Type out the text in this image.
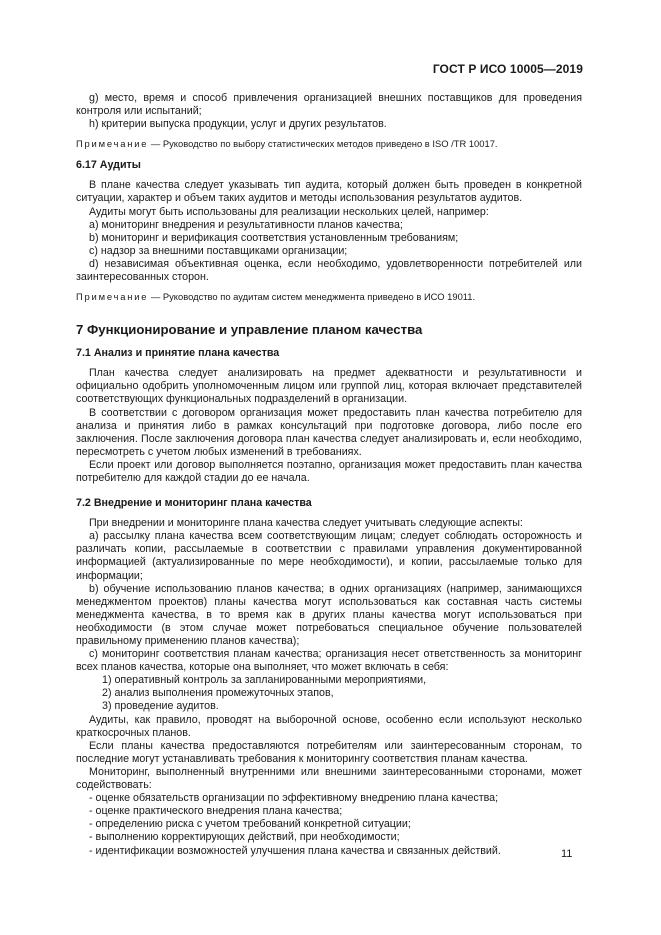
ГОСТ Р ИСО 10005—2019

g) место, время и способ привлечения организацией внешних поставщиков для проведения контроля или испытаний;

h) критерии выпуска продукции, услуг и других результатов.

Примечание — Руководство по выбору статистических методов приведено в ISO /TR 10017.

6.17 Аудиты

В плане качества следует указывать тип аудита, который должен быть проведен в конкретной ситуации, характер и объем таких аудитов и методы использования результатов аудитов.

Аудиты могут быть использованы для реализации нескольких целей, например:

a) мониторинг внедрения и результативности планов качества;

b) мониторинг и верификация соответствия установленным требованиям;

c) надзор за внешними поставщиками организации;

d) независимая объективная оценка, если необходимо, удовлетворенности потребителей или заинтересованных сторон.

Примечание — Руководство по аудитам систем менеджмента приведено в ИСО 19011.

7 Функционирование и управление планом качества

7.1 Анализ и принятие плана качества

План качества следует анализировать на предмет адекватности и результативности и официально одобрить уполномоченным лицом или группой лиц, которая включает представителей соответствующих функциональных подразделений в организации.

В соответствии с договором организация может предоставить план качества потребителю для анализа и принятия либо в рамках консультаций при подготовке договора, либо после его заключения. После заключения договора план качества следует анализировать и, если необходимо, пересмотреть с учетом любых изменений в требованиях.

Если проект или договор выполняется поэтапно, организация может предоставить план качества потребителю для каждой стадии до ее начала.

7.2 Внедрение и мониторинг плана качества

При внедрении и мониторинге плана качества следует учитывать следующие аспекты:

a) рассылку плана качества всем соответствующим лицам; следует соблюдать осторожность и различать копии, рассылаемые в соответствии с правилами управления документированной информацией (актуализированные по мере необходимости), и копии, рассылаемые только для информации;

b) обучение использованию планов качества; в одних организациях (например, занимающихся менеджментом проектов) планы качества могут использоваться как составная часть системы менеджмента качества, в то время как в других планы качества могут использоваться при необходимости (в этом случае может потребоваться специальное обучение пользователей правильному применению планов качества);

c) мониторинг соответствия планам качества; организация несет ответственность за мониторинг всех планов качества, которые она выполняет, что может включать в себя:

1) оперативный контроль за запланированными мероприятиями,

2) анализ выполнения промежуточных этапов,

3) проведение аудитов.

Аудиты, как правило, проводят на выборочной основе, особенно если используют несколько краткосрочных планов.

Если планы качества предоставляются потребителям или заинтересованным сторонам, то последние могут устанавливать требования к мониторингу соответствия планам качества.

Мониторинг, выполненный внутренними или внешними заинтересованными сторонами, может содействовать:

- оценке обязательств организации по эффективному внедрению плана качества;

- оценке практического внедрения плана качества;

- определению риска с учетом требований конкретной ситуации;

- выполнению корректирующих действий, при необходимости;

- идентификации возможностей улучшения плана качества и связанных действий.	11
